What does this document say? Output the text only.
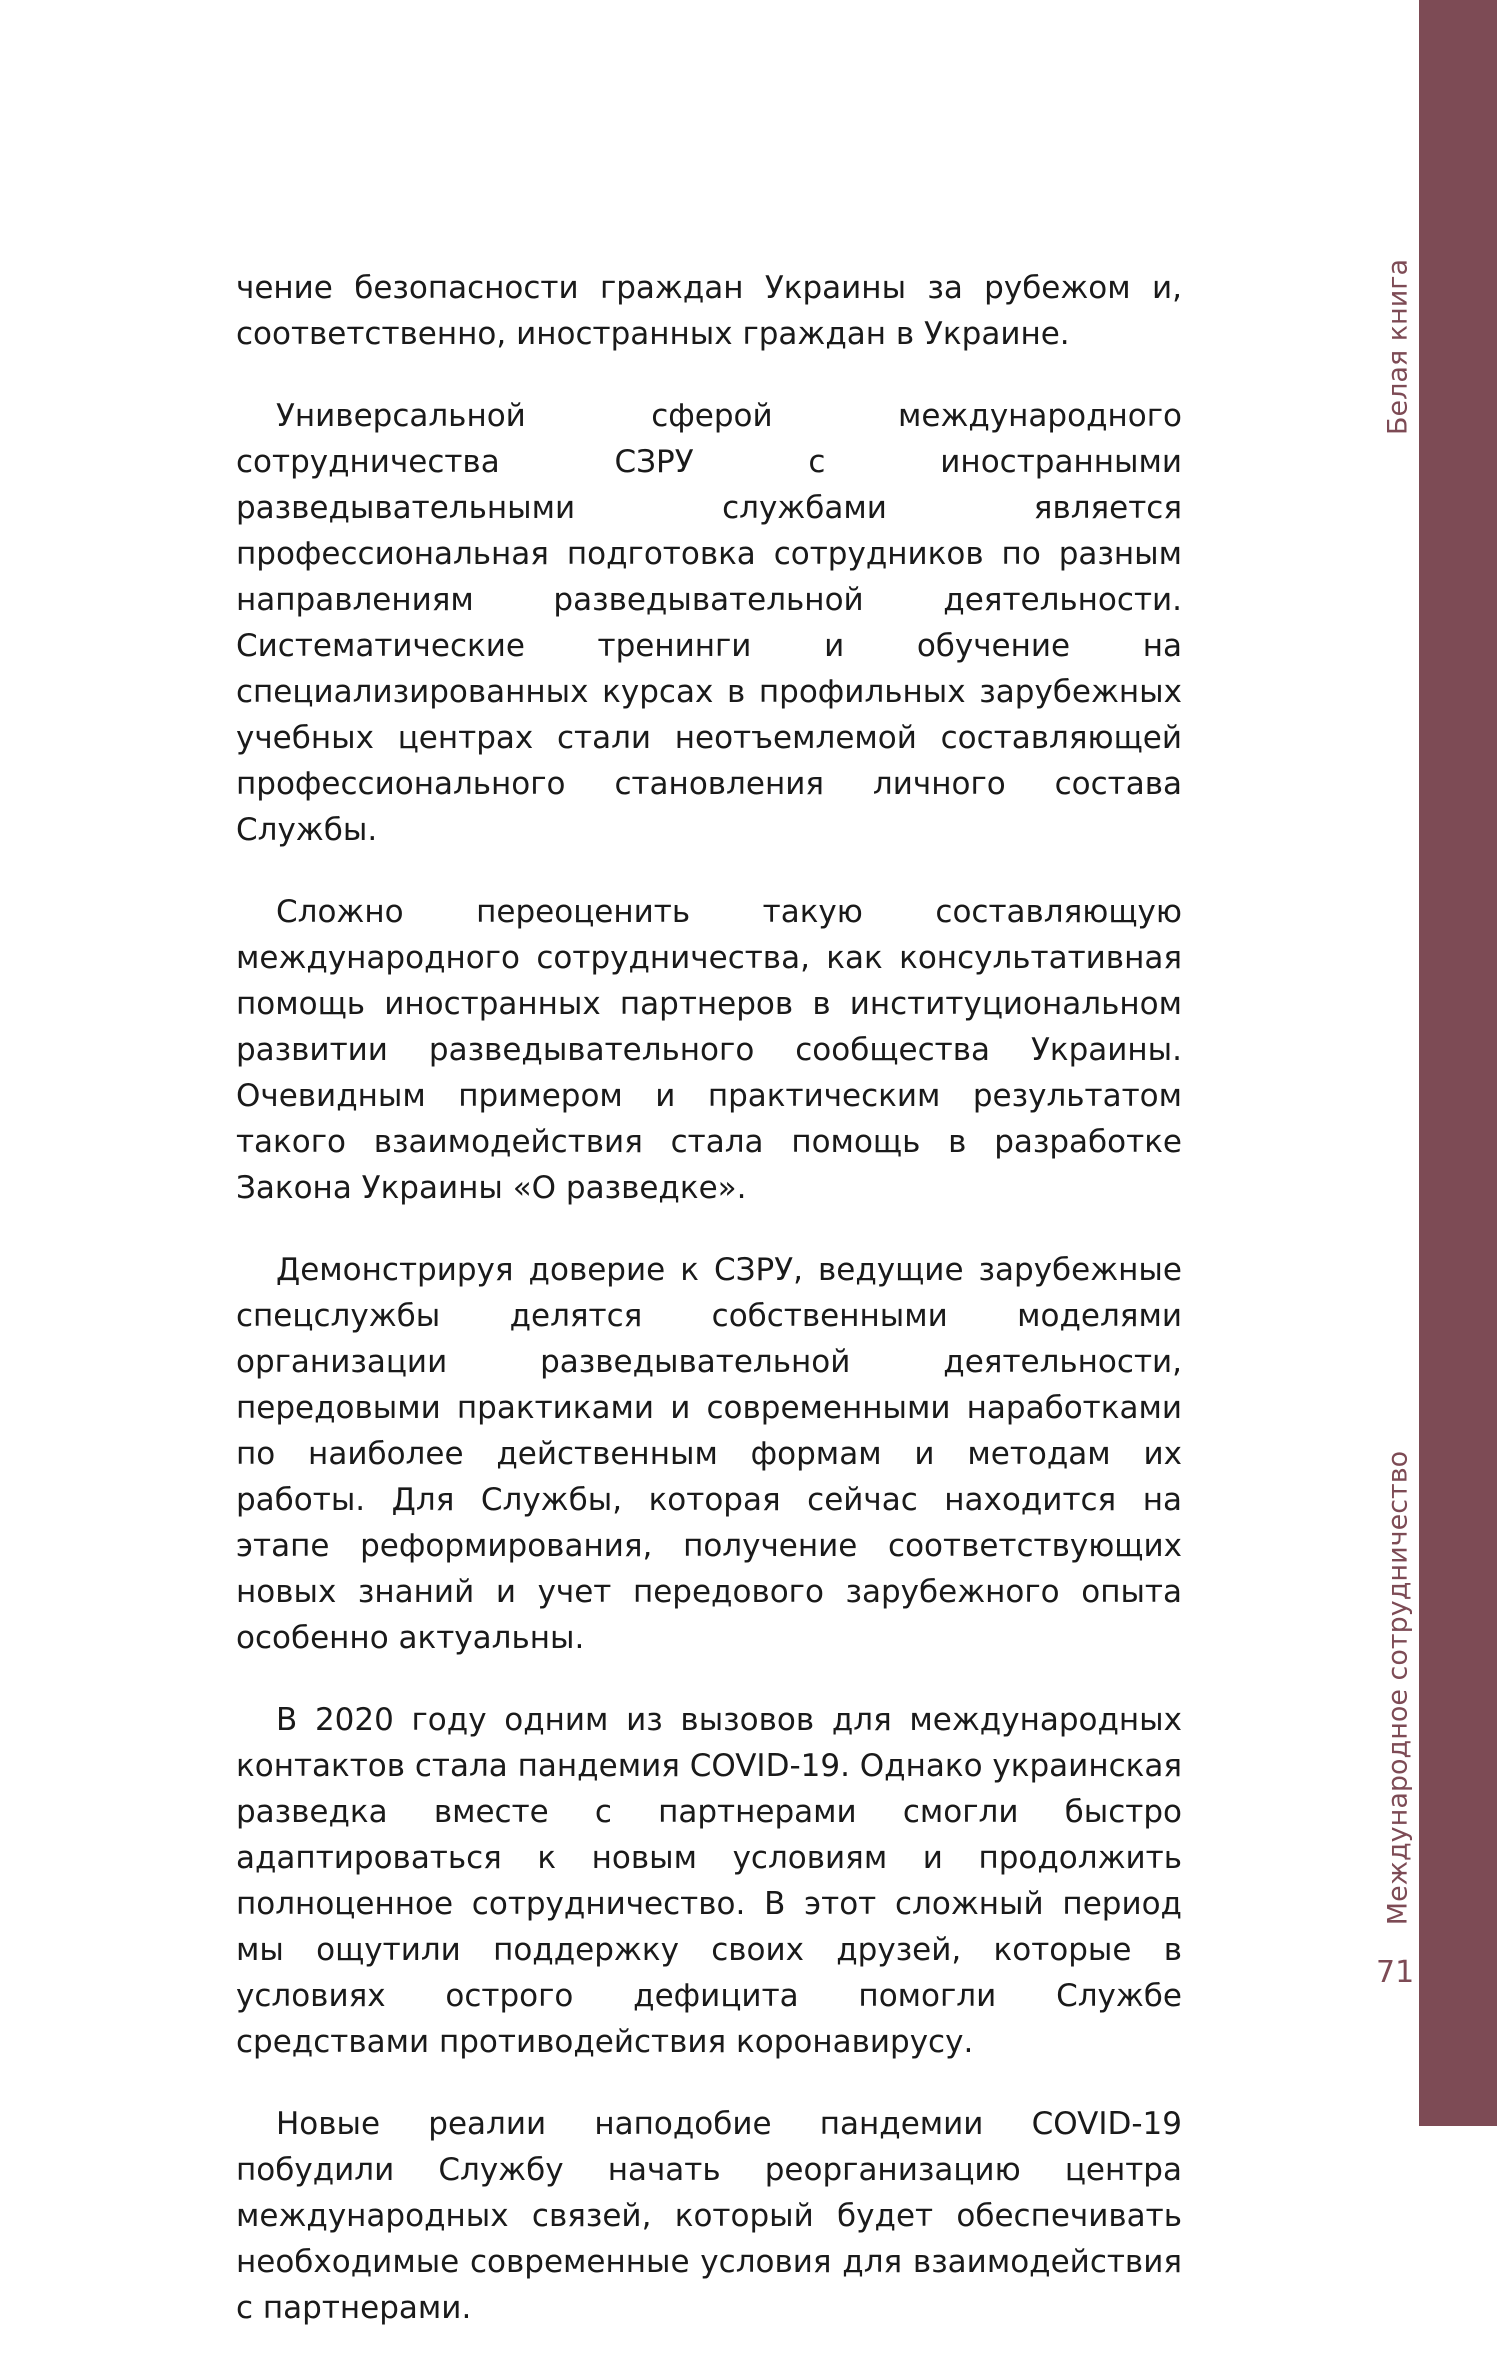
чение безопасности граждан Украины за рубежом и, соответственно, иностранных граждан в Украине.

Универсальной сферой международного сотрудничества СЗРУ с иностранными разведывательными службами является профессиональная подготовка сотрудников по разным направлениям разведывательной деятельности. Систематические тренинги и обучение на специализированных курсах в профильных зарубежных учебных центрах стали неотъемлемой составляющей профессионального становления личного состава Службы.

Сложно переоценить такую составляющую международного сотрудничества, как консультативная помощь иностранных партнеров в институциональном развитии разведывательного сообщества Украины. Очевидным примером и практическим результатом такого взаимодействия стала помощь в разработке Закона Украины «О разведке».

Демонстрируя доверие к СЗРУ, ведущие зарубежные спецслужбы делятся собственными моделями организации разведывательной деятельности, передовыми практиками и современными наработками по наиболее действенным формам и методам их работы. Для Службы, которая сейчас находится на этапе реформирования, получение соответствующих новых знаний и учет передового зарубежного опыта особенно актуальны.

В 2020 году одним из вызовов для международных контактов стала пандемия COVID-19. Однако украинская разведка вместе с партнерами смогли быстро адаптироваться к новым условиям и продолжить полноценное сотрудничество. В этот сложный период мы ощутили поддержку своих друзей, которые в условиях острого дефицита помогли Службе средствами противодействия коронавирусу.

Новые реалии наподобие пандемии COVID-19 побудили Службу начать реорганизацию центра международных связей, который будет обеспечивать необходимые современные условия для взаимодействия с партнерами.

Белая книга
Международное сотрудничество
71
